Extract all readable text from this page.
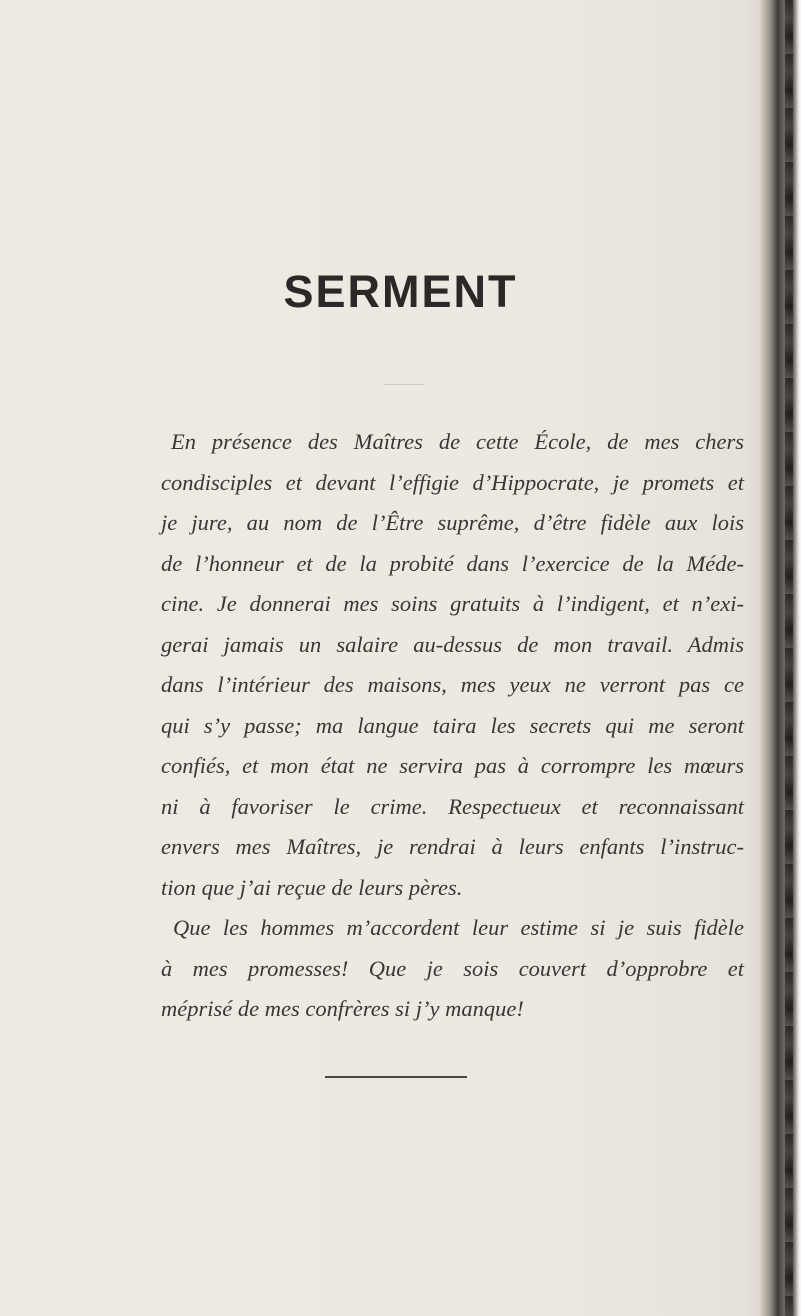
SERMENT
En présence des Maîtres de cette École, de mes chers
condisciples et devant l’effigie d’Hippocrate, je promets et
je jure, au nom de l’Être suprême, d’être fidèle aux lois
de l’honneur et de la probité dans l’exercice de la Méde-
cine. Je donnerai mes soins gratuits à l’indigent, et n’exi-
gerai jamais un salaire au-dessus de mon travail. Admis
dans l’intérieur des maisons, mes yeux ne verront pas ce
qui s’y passe; ma langue taira les secrets qui me seront
confiés, et mon état ne servira pas à corrompre les mœurs
ni à favoriser le crime. Respectueux et reconnaissant
envers mes Maîtres, je rendrai à leurs enfants l’instruc-
tion que j’ai reçue de leurs pères.
Que les hommes m’accordent leur estime si je suis fidèle
à mes promesses! Que je sois couvert d’opprobre et
méprisé de mes confrères si j’y manque!
